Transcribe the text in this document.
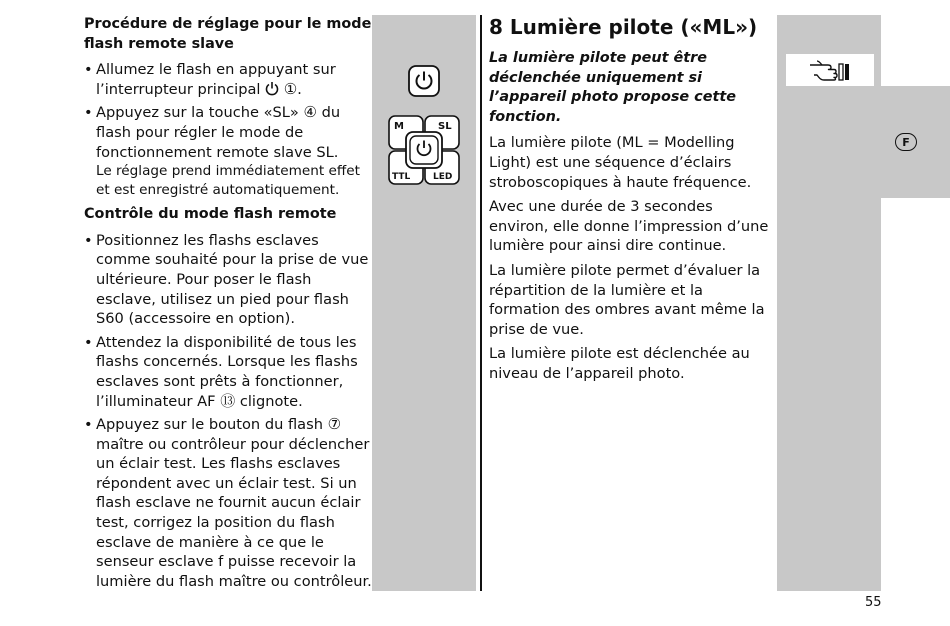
Procédure de réglage pour le mode flash remote slave

• Allumez le flash en appuyant sur l’interrupteur principal ①.
• Appuyez sur la touche «SL» ④ du flash pour régler le mode de fonctionnement remote slave SL.
Le réglage prend immédiatement effet et est enregistré automatiquement.

Contrôle du mode flash remote

• Positionnez les flashs esclaves comme souhaité pour la prise de vue ultérieure. Pour poser le flash esclave, utilisez un pied pour flash S60 (accessoire en option).
• Attendez la disponibilité de tous les flashs concernés. Lorsque les flashs esclaves sont prêts à fonctionner, l’illuminateur AF ⑬ clignote.
• Appuyez sur le bouton du flash ⑦ maître ou contrôleur pour déclencher un éclair test. Les flashs esclaves répondent avec un éclair test. Si un flash esclave ne fournit aucun éclair test, corrigez la position du flash esclave de manière à ce que le senseur esclave f puisse recevoir la lumière du flash maître ou contrôleur.
M	SL
TTL	LED
8 Lumière pilote («ML»)

La lumière pilote peut être déclenchée uniquement si l’appareil photo propose cette fonction.

La lumière pilote (ML = Modelling Light) est une séquence d’éclairs stroboscopiques à haute fréquence.

Avec une durée de 3 secondes environ, elle donne l’impression d’une lumière pour ainsi dire continue.

La lumière pilote permet d’évaluer la répartition de la lumière et la formation des ombres avant même la prise de vue.

La lumière pilote est déclenchée au niveau de l’appareil photo.

F
55
